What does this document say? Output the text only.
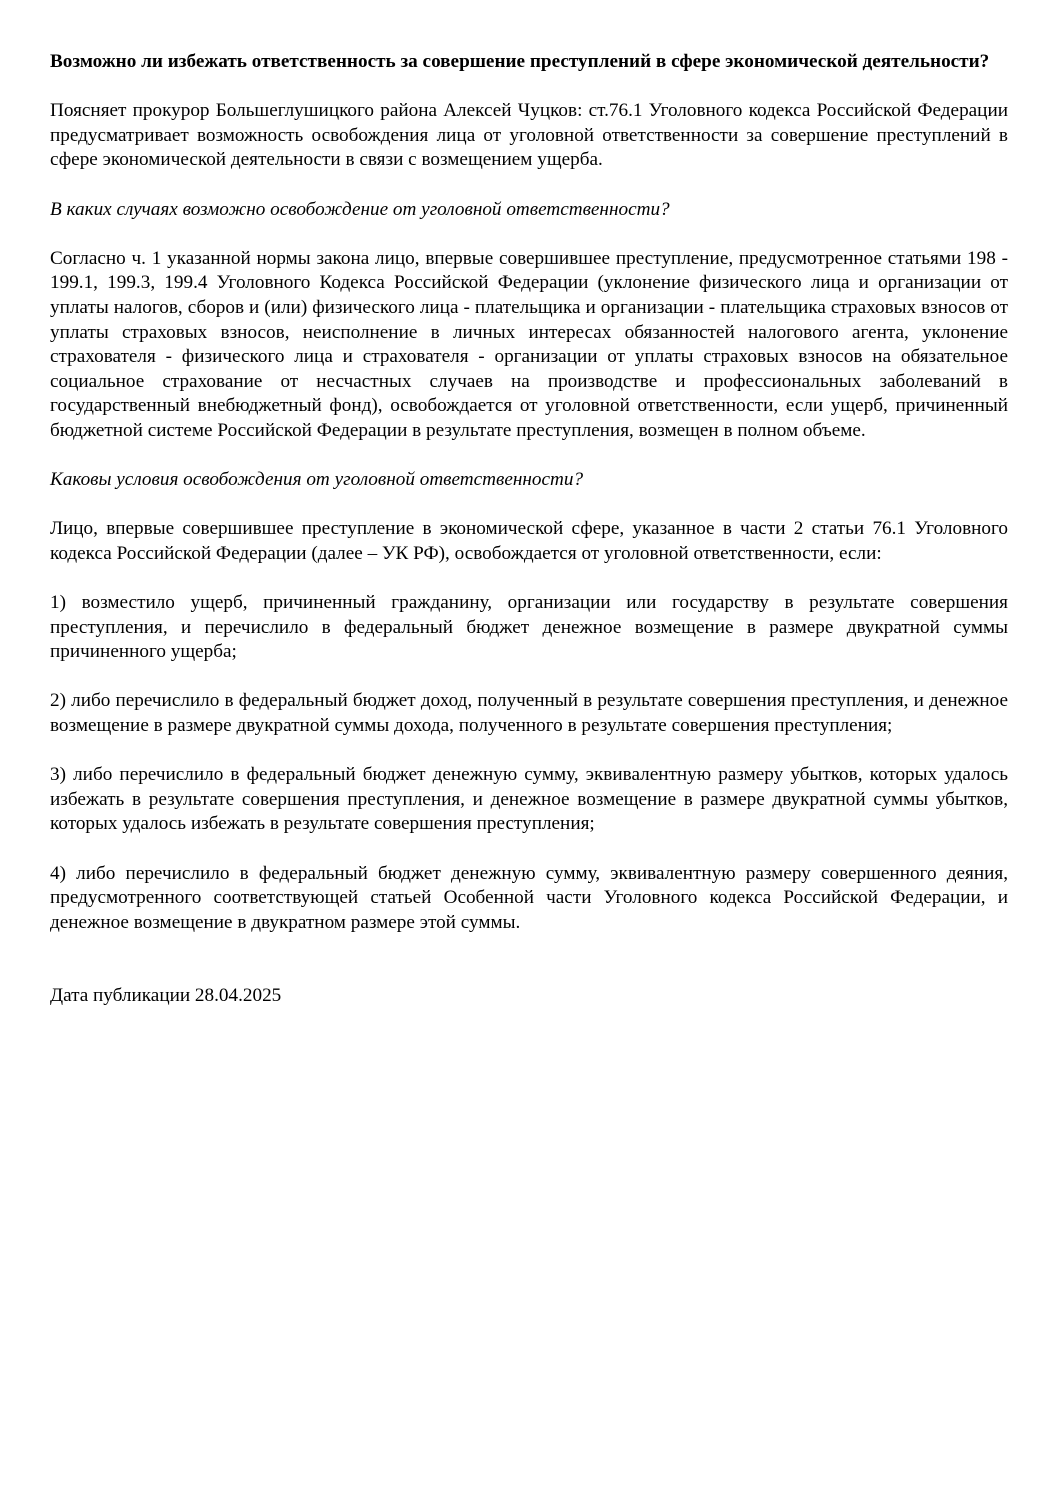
Возможно ли избежать ответственность за совершение преступлений в сфере экономической деятельности?

Поясняет прокурор Большеглушицкого района Алексей Чуцков: ст.76.1 Уголовного кодекса Российской Федерации предусматривает возможность освобождения лица от уголовной ответственности за совершение преступлений в сфере экономической деятельности в связи с возмещением ущерба.

В каких случаях возможно освобождение от уголовной ответственности?

Согласно ч. 1 указанной нормы закона лицо, впервые совершившее преступление, предусмотренное статьями 198 - 199.1, 199.3, 199.4 Уголовного Кодекса Российской Федерации (уклонение физического лица и организации от уплаты налогов, сборов и (или) физического лица - плательщика и организации - плательщика страховых взносов от уплаты страховых взносов, неисполнение в личных интересах обязанностей налогового агента, уклонение страхователя - физического лица и страхователя - организации от уплаты страховых взносов на обязательное социальное страхование от несчастных случаев на производстве и профессиональных заболеваний в государственный внебюджетный фонд), освобождается от уголовной ответственности, если ущерб, причиненный бюджетной системе Российской Федерации в результате преступления, возмещен в полном объеме.

Каковы условия освобождения от уголовной ответственности?

Лицо, впервые совершившее преступление в экономической сфере, указанное в части 2 статьи 76.1 Уголовного кодекса Российской Федерации (далее – УК РФ), освобождается от уголовной ответственности, если:

1) возместило ущерб, причиненный гражданину, организации или государству в результате совершения преступления, и перечислило в федеральный бюджет денежное возмещение в размере двукратной суммы причиненного ущерба;

2) либо перечислило в федеральный бюджет доход, полученный в результате совершения преступления, и денежное возмещение в размере двукратной суммы дохода, полученного в результате совершения преступления;

3) либо перечислило в федеральный бюджет денежную сумму, эквивалентную размеру убытков, которых удалось избежать в результате совершения преступления, и денежное возмещение в размере двукратной суммы убытков, которых удалось избежать в результате совершения преступления;

4) либо перечислило в федеральный бюджет денежную сумму, эквивалентную размеру совершенного деяния, предусмотренного соответствующей статьей Особенной части Уголовного кодекса Российской Федерации, и денежное возмещение в двукратном размере этой суммы.

Дата публикации 28.04.2025
